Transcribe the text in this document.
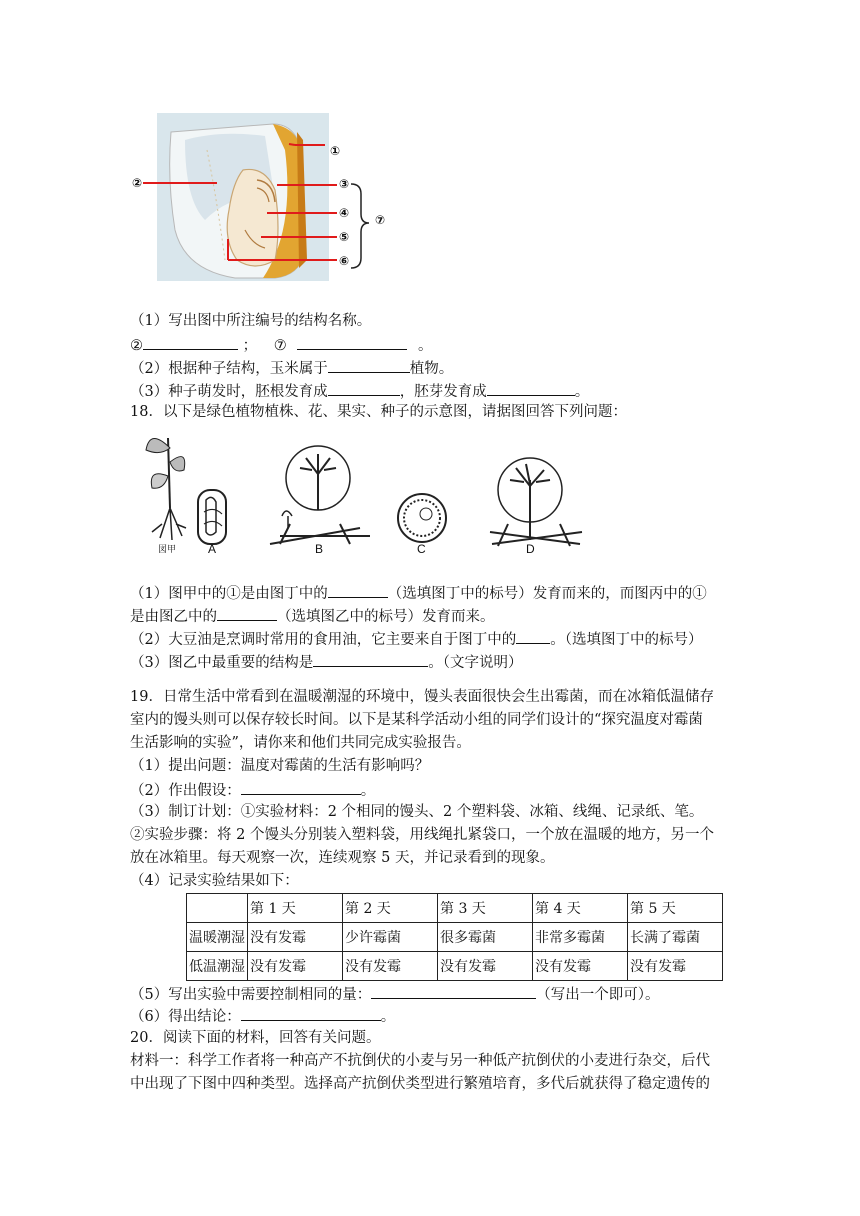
①
②	③
④
⑤
⑥
⑦
（1）写出图中所注编号的结构名称。
②	； ⑦	。
（2）根据种子结构，玉米属于	植物。
（3）种子萌发时，胚根发育成	，胚芽发育成	。
18．以下是绿色植物植株、花、果实、种子的示意图，请据图回答下列问题：
図甲	A	B	C	D
（1）图甲中的①是由图丁中的	（选填图丁中的标号）发育而来的，而图丙中的①
是由图乙中的	（选填图乙中的标号）发育而来。
（2）大豆油是烹调时常用的食用油，它主要来自于图丁中的 。（选填图丁中的标号）
（3）图乙中最重要的结构是	。（文字说明）
19．日常生活中常看到在温暖潮湿的环境中，馒头表面很快会生出霉菌，而在冰箱低温储存
室内的馒头则可以保存较长时间。以下是某科学活动小组的同学们设计的“探究温度对霉菌
生活影响的实验”，请你来和他们共同完成实验报告。
（1）提出问题：温度对霉菌的生活有影响吗？
（2）作出假设：	。
（3）制订计划：①实验材料：2 个相同的馒头、2 个塑料袋、冰箱、线绳、记录纸、笔。
②实验步骤：将 2 个馒头分别装入塑料袋，用线绳扎紧袋口，一个放在温暖的地方，另一个
放在冰箱里。每天观察一次，连续观察 5 天，并记录看到的现象。
（4）记录实验结果如下：
	第 1 天	第 2 天	第 3 天	第 4 天	第 5 天
温暖潮湿	没有发霉	少许霉菌	很多霉菌	非常多霉菌	长满了霉菌
低温潮湿	没有发霉	没有发霉	没有发霉	没有发霉	没有发霉
（5）写出实验中需要控制相同的量：	（写出一个即可）。
（6）得出结论：	。
20．阅读下面的材料，回答有关问题。
材料一：科学工作者将一种高产不抗倒伏的小麦与另一种低产抗倒伏的小麦进行杂交，后代
中出现了下图中四种类型。选择高产抗倒伏类型进行繁殖培育，多代后就获得了稳定遗传的
